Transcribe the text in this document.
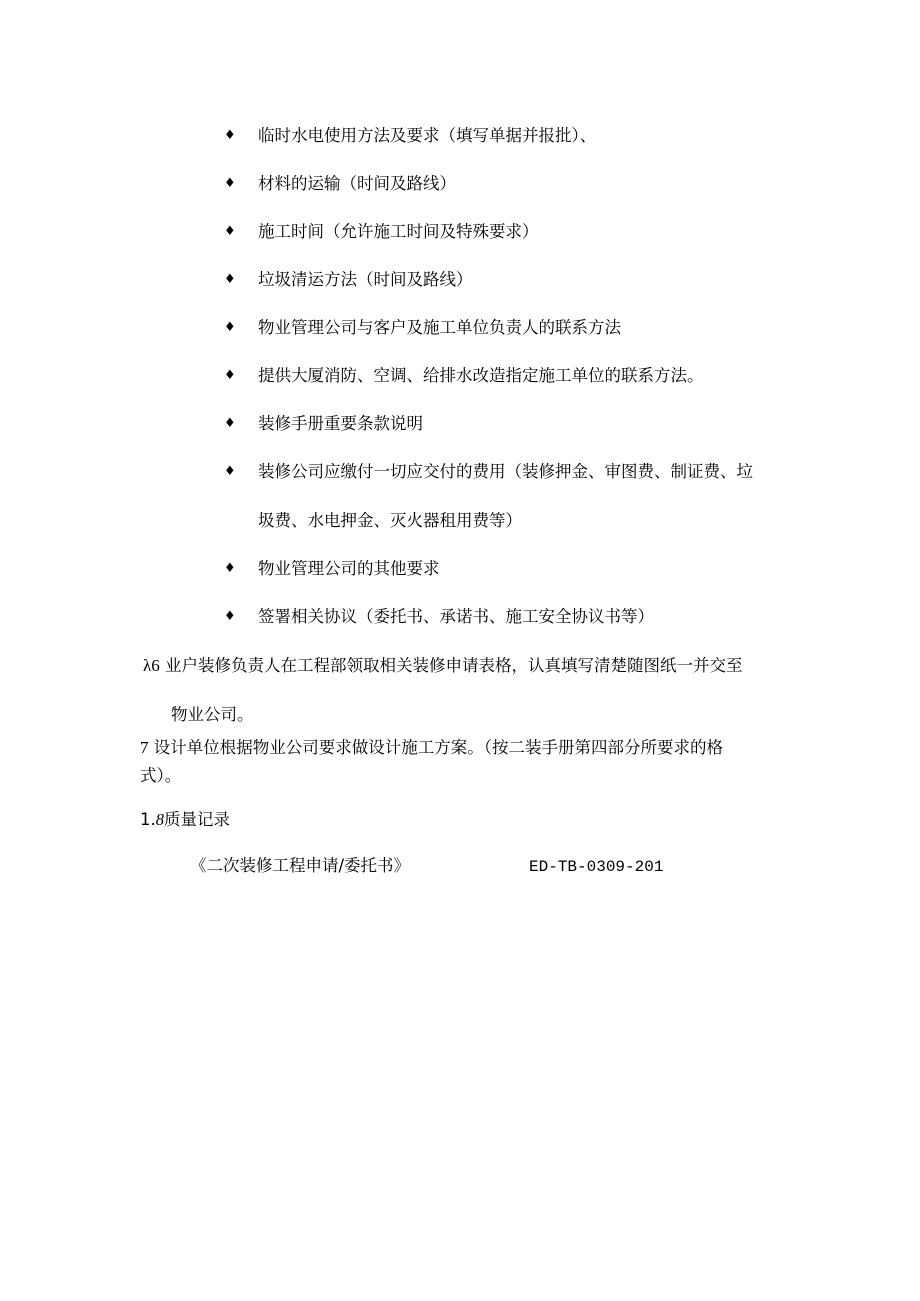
♦ 临时水电使用方法及要求（填写单据并报批）、
♦ 材料的运输（时间及路线）
♦ 施工时间（允许施工时间及特殊要求）
♦ 垃圾清运方法（时间及路线）
♦ 物业管理公司与客户及施工单位负责人的联系方法
♦ 提供大厦消防、空调、给排水改造指定施工单位的联系方法。
♦ 装修手册重要条款说明
♦ 装修公司应缴付一切应交付的费用（装修押金、审图费、制证费、垃
圾费、水电押金、灭火器租用费等）
♦ 物业管理公司的其他要求
♦ 签署相关协议（委托书、承诺书、施工安全协议书等）
λ6 业户装修负责人在工程部领取相关装修申请表格，认真填写清楚随图纸一并交至
物业公司。
7 设计单位根据物业公司要求做设计施工方案。（按二装手册第四部分所要求的格
式）。
1.8质量记录
《二次装修工程申请/委托书》	ED-TB-0309-201
